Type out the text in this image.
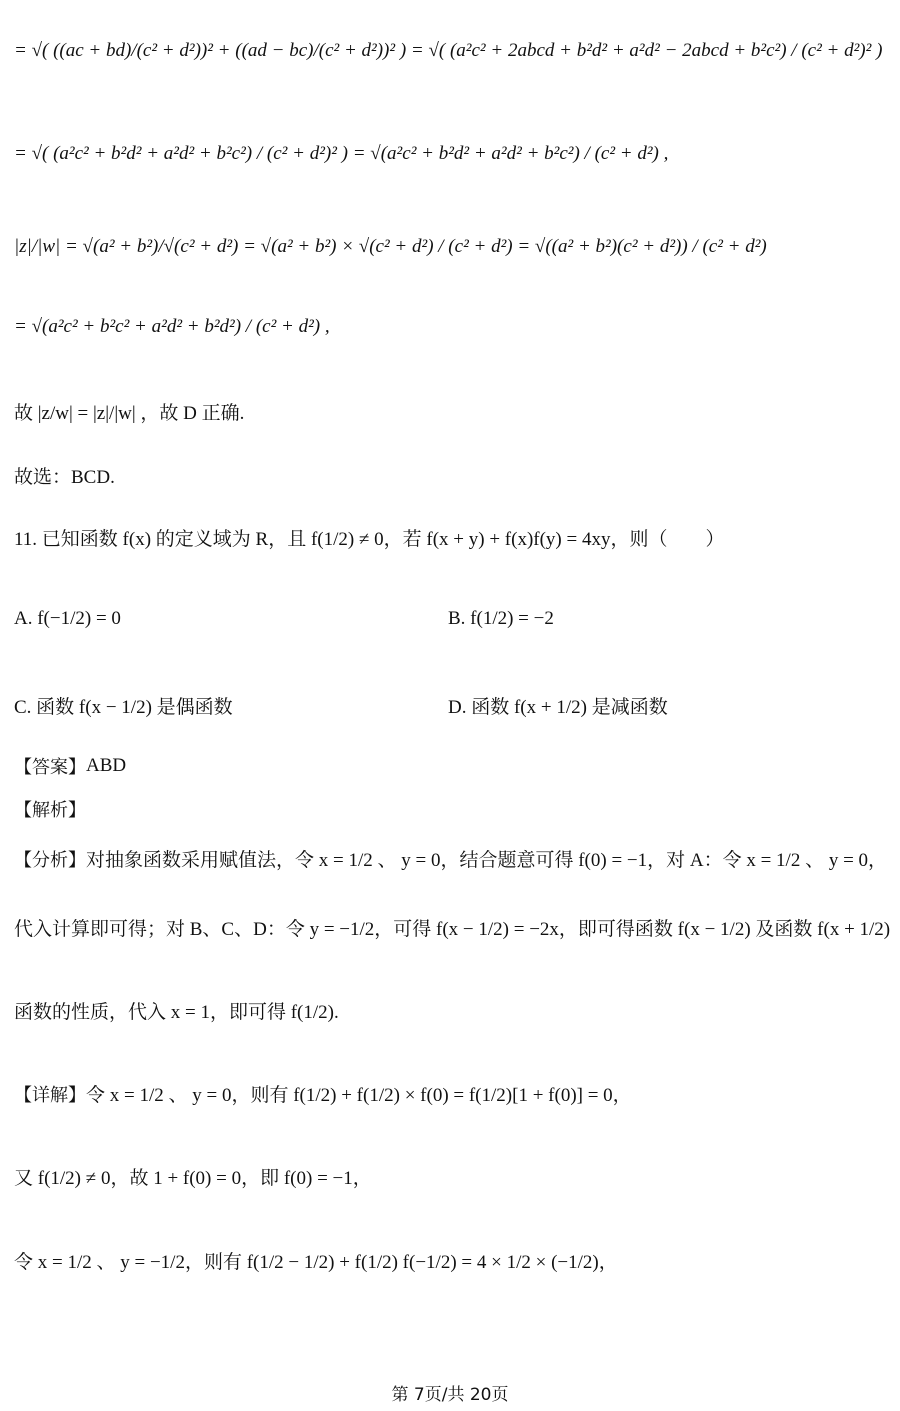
= √( ((ac + bd)/(c² + d²))² + ((ad − bc)/(c² + d²))² ) = √( (a²c² + 2abcd + b²d² + a²d² − 2abcd + b²c²) / (c² + d²)² )
= √( (a²c² + b²d² + a²d² + b²c²) / (c² + d²)² ) = √(a²c² + b²d² + a²d² + b²c²) / (c² + d²) ,
|z|/|w| = √(a² + b²)/√(c² + d²) = √(a² + b²) × √(c² + d²) / (c² + d²) = √((a² + b²)(c² + d²)) / (c² + d²)
= √(a²c² + b²c² + a²d² + b²d²) / (c² + d²) ,
故 |z/w| = |z|/|w| ，故 D 正确.
故选：BCD.
11. 已知函数 f(x) 的定义域为 R，且 f(1/2) ≠ 0，若 f(x + y) + f(x)f(y) = 4xy，则（　　）
A. f(−1/2) = 0	B. f(1/2) = −2
C. 函数 f(x − 1/2) 是偶函数	D. 函数 f(x + 1/2) 是减函数
【答案】 ABD
【解析】
【分析】 对抽象函数采用赋值法，令 x = 1/2 、 y = 0，结合题意可得 f(0) = −1，对 A：令 x = 1/2 、 y = 0，
代入计算即可得；对 B、C、D：令 y = −1/2，可得 f(x − 1/2) = −2x，即可得函数 f(x − 1/2) 及函数 f(x + 1/2)
函数的性质，代入 x = 1，即可得 f(1/2).
【详解】 令 x = 1/2 、 y = 0，则有 f(1/2) + f(1/2) × f(0) = f(1/2)[1 + f(0)] = 0，
又 f(1/2) ≠ 0，故 1 + f(0) = 0，即 f(0) = −1，
令 x = 1/2 、 y = −1/2，则有 f(1/2 − 1/2) + f(1/2) f(−1/2) = 4 × 1/2 × (−1/2)，
第 7页/共 20页
